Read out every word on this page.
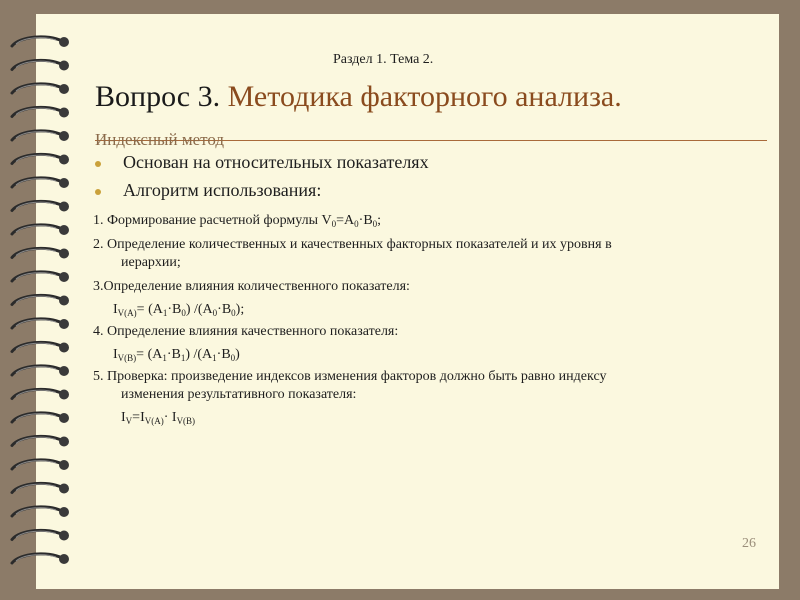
Раздел 1. Тема 2.
Вопрос 3. Методика факторного анализа.
Индексный метод
Основан на относительных показателях
Алгоритм использования:
1. Формирование расчетной формулы $V_0=A_0\cdot B_0$;
2. Определение количественных и качественных факторных показателей и их уровня в
иерархии;
3.Определение влияния количественного показателя:
$I_{V(A)}= (A_1\cdot B_0)$ $/(A_0\cdot B_0)$;
4. Определение влияния качественного показателя:
$I_{V(B)}= (A_1\cdot B_1)$ $/(A_1\cdot B_0)$
5. Проверка: произведение индексов изменения факторов должно быть равно индексу
изменения результативного показателя:
$I_V=I_{V(A)}\cdot I_{V(B)}$
26
